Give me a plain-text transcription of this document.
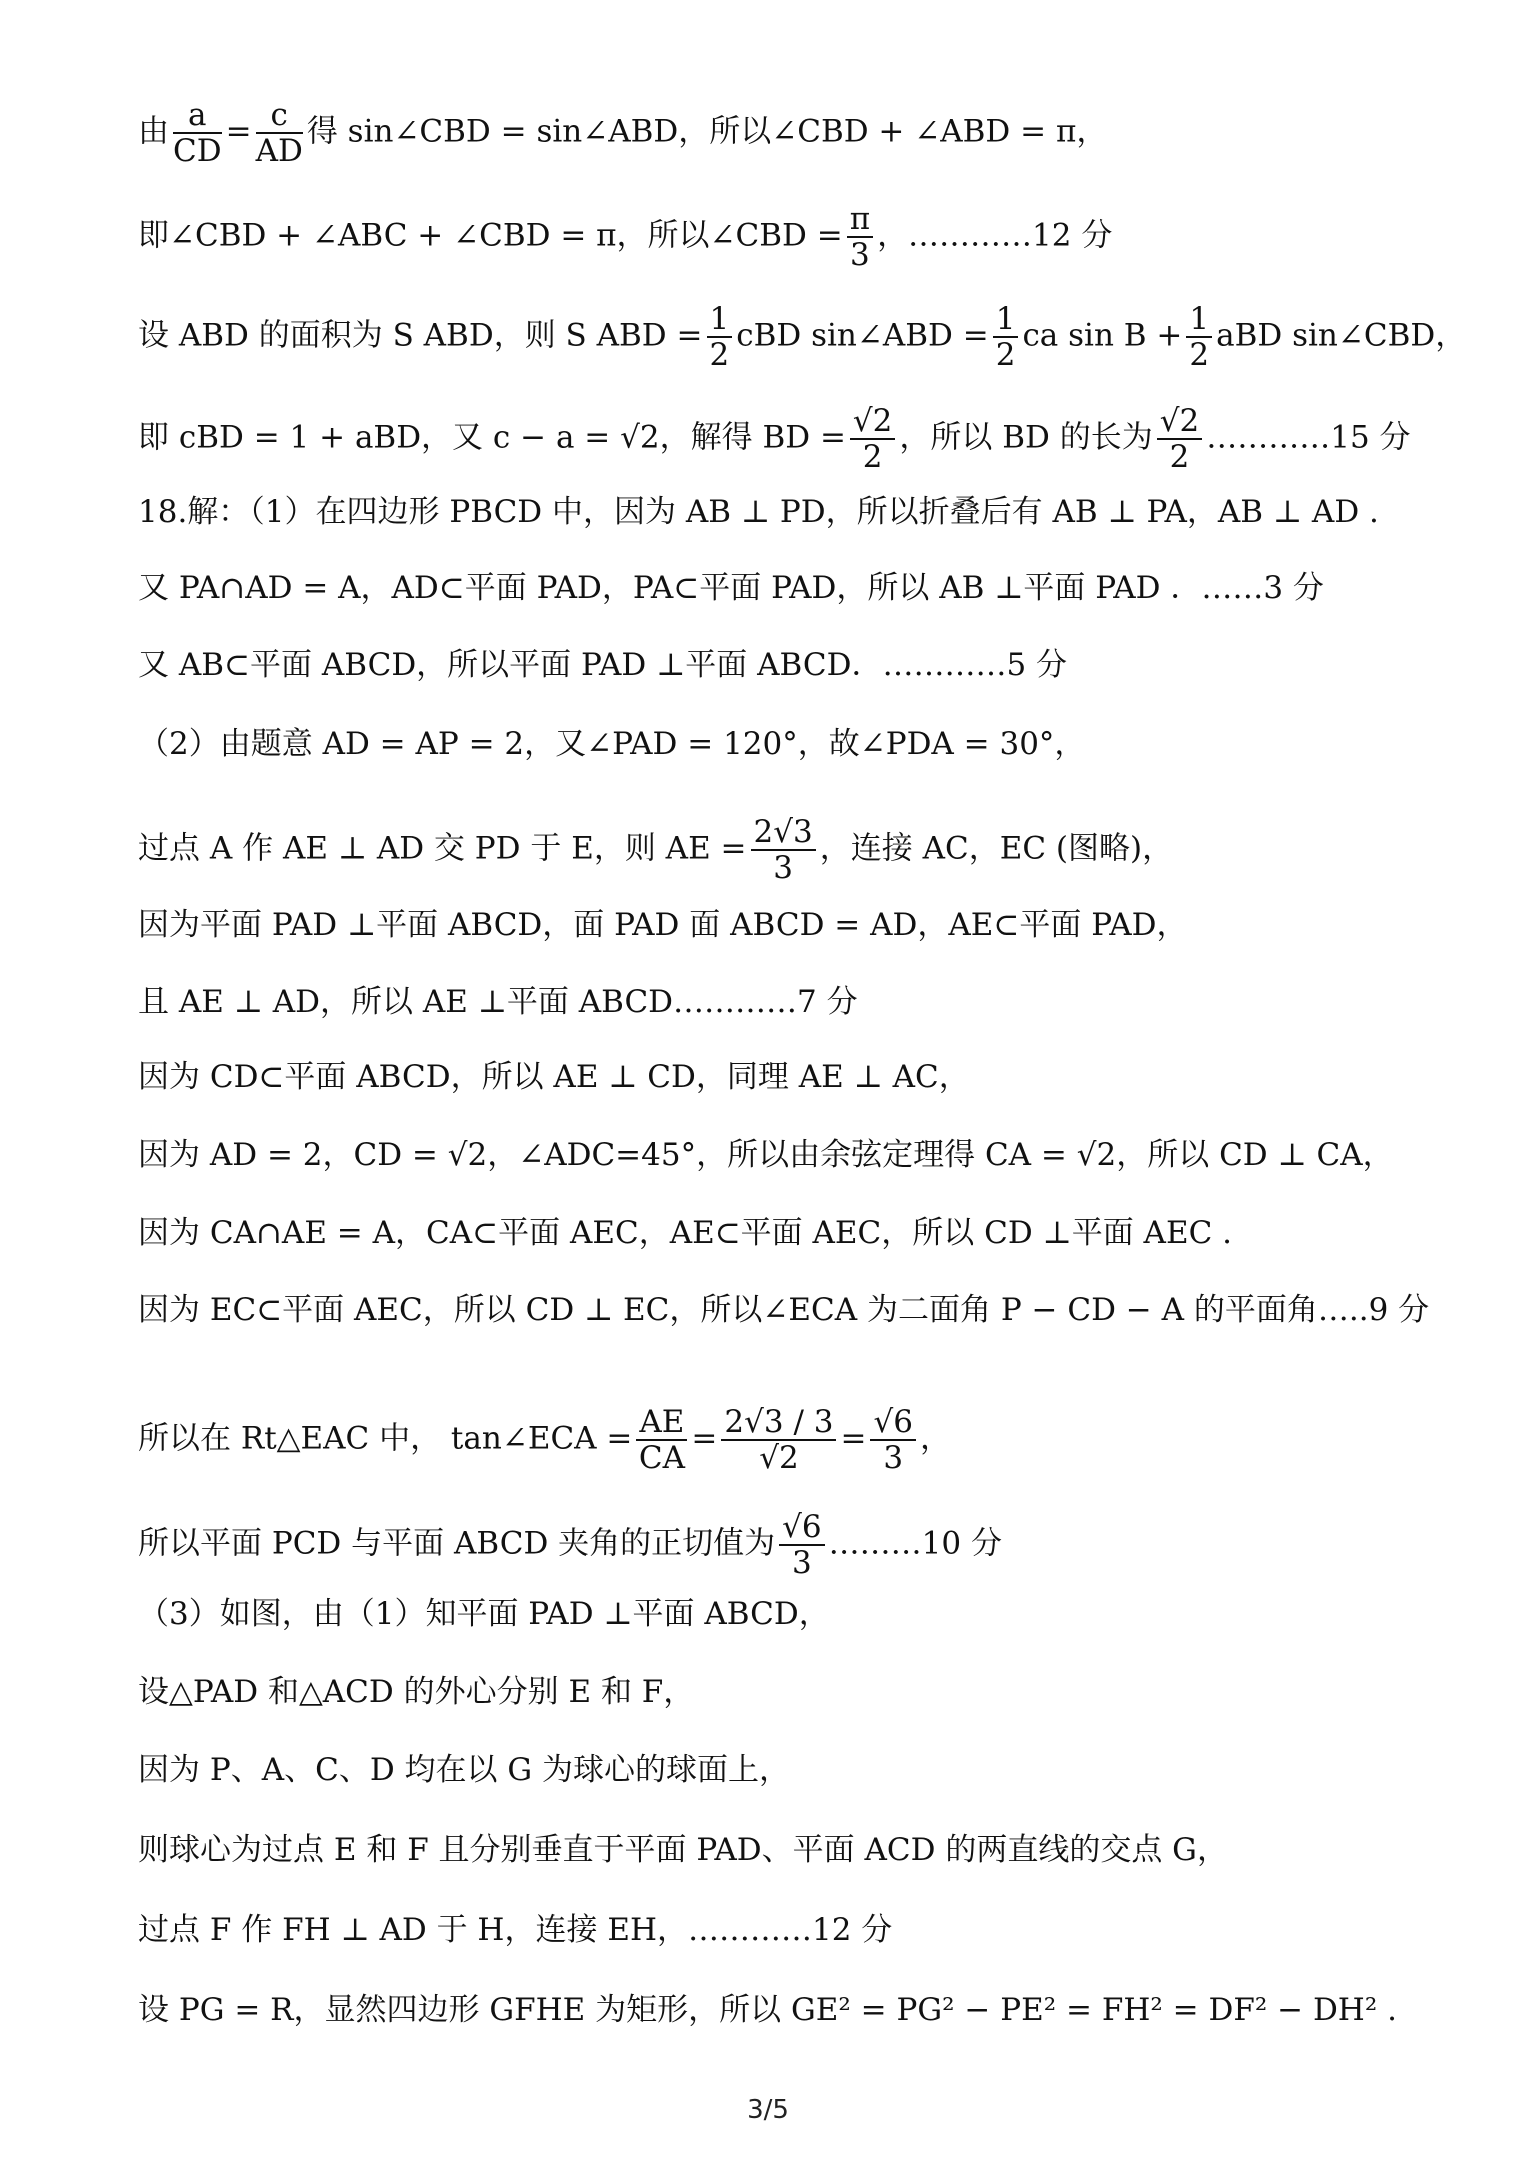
由 $\frac{a}{CD} = \frac{c}{AD}$ 得 sin∠CBD = sin∠ABD，所以∠CBD + ∠ABD = π，
即∠CBD + ∠ABC + ∠CBD = π，所以∠CBD = $\frac{\pi}{3}$ ，…………12 分
设 ABD 的面积为 S ABD，则 S ABD = $\frac{1}{2}$ cBD sin∠ABD = $\frac{1}{2}$ ca $\sin B + \frac{1}{2}$ aBD sin∠CBD，
即 cBD = 1 + aBD，又 c − a = √2，解得 BD = $\frac{√2}{2}$ ，所以 BD 的长为 $\frac{√2}{2}$ …………15 分
18.解：（1）在四边形 PBCD 中，因为 AB ⊥ PD，所以折叠后有 AB ⊥ PA，AB ⊥ AD .
又 PA∩AD = A，AD⊂平面 PAD，PA⊂平面 PAD，所以 AB ⊥平面 PAD ．……3 分
又 AB⊂平面 ABCD，所以平面 PAD ⊥平面 ABCD．…………5 分
（2）由题意 AD = AP = 2，又∠PAD = 120°，故∠PDA = 30°，
过点 A 作 AE ⊥ AD 交 PD 于 E，则 AE = $\frac{2√3}{3}$ ，连接 AC，EC (图略)，
因为平面 PAD ⊥平面 ABCD，面 PAD 面 ABCD = AD，AE⊂平面 PAD，
且 AE ⊥ AD，所以 AE ⊥平面 ABCD…………7 分
因为 CD⊂平面 ABCD，所以 AE ⊥ CD，同理 AE ⊥ AC，
因为 AD = 2，CD = √2，∠ADC=45°，所以由余弦定理得 CA = √2，所以 CD ⊥ CA，
因为 CA∩AE = A，CA⊂平面 AEC，AE⊂平面 AEC，所以 CD ⊥平面 AEC .
因为 EC⊂平面 AEC，所以 CD ⊥ EC，所以∠ECA 为二面角 P − CD − A 的平面角…..9 分
所以在 Rt△EAC 中， tan∠ECA = $\frac{AE}{CA} = \frac{2√3 / 3}{√2} = \frac{√6}{3}$ ，
所以平面 PCD 与平面 ABCD 夹角的正切值为 $\frac{√6}{3}$ ………10 分
（3）如图，由（1）知平面 PAD ⊥平面 ABCD，
设△PAD 和△ACD 的外心分别 E 和 F，
因为 P、A、C、D 均在以 G 为球心的球面上，
则球心为过点 E 和 F 且分别垂直于平面 PAD、平面 ACD 的两直线的交点 G，
过点 F 作 FH ⊥ AD 于 H，连接 EH，…………12 分
设 PG = R，显然四边形 GFHE 为矩形，所以 GE² = PG² − PE² = FH² = DF² − DH² .
3/5
